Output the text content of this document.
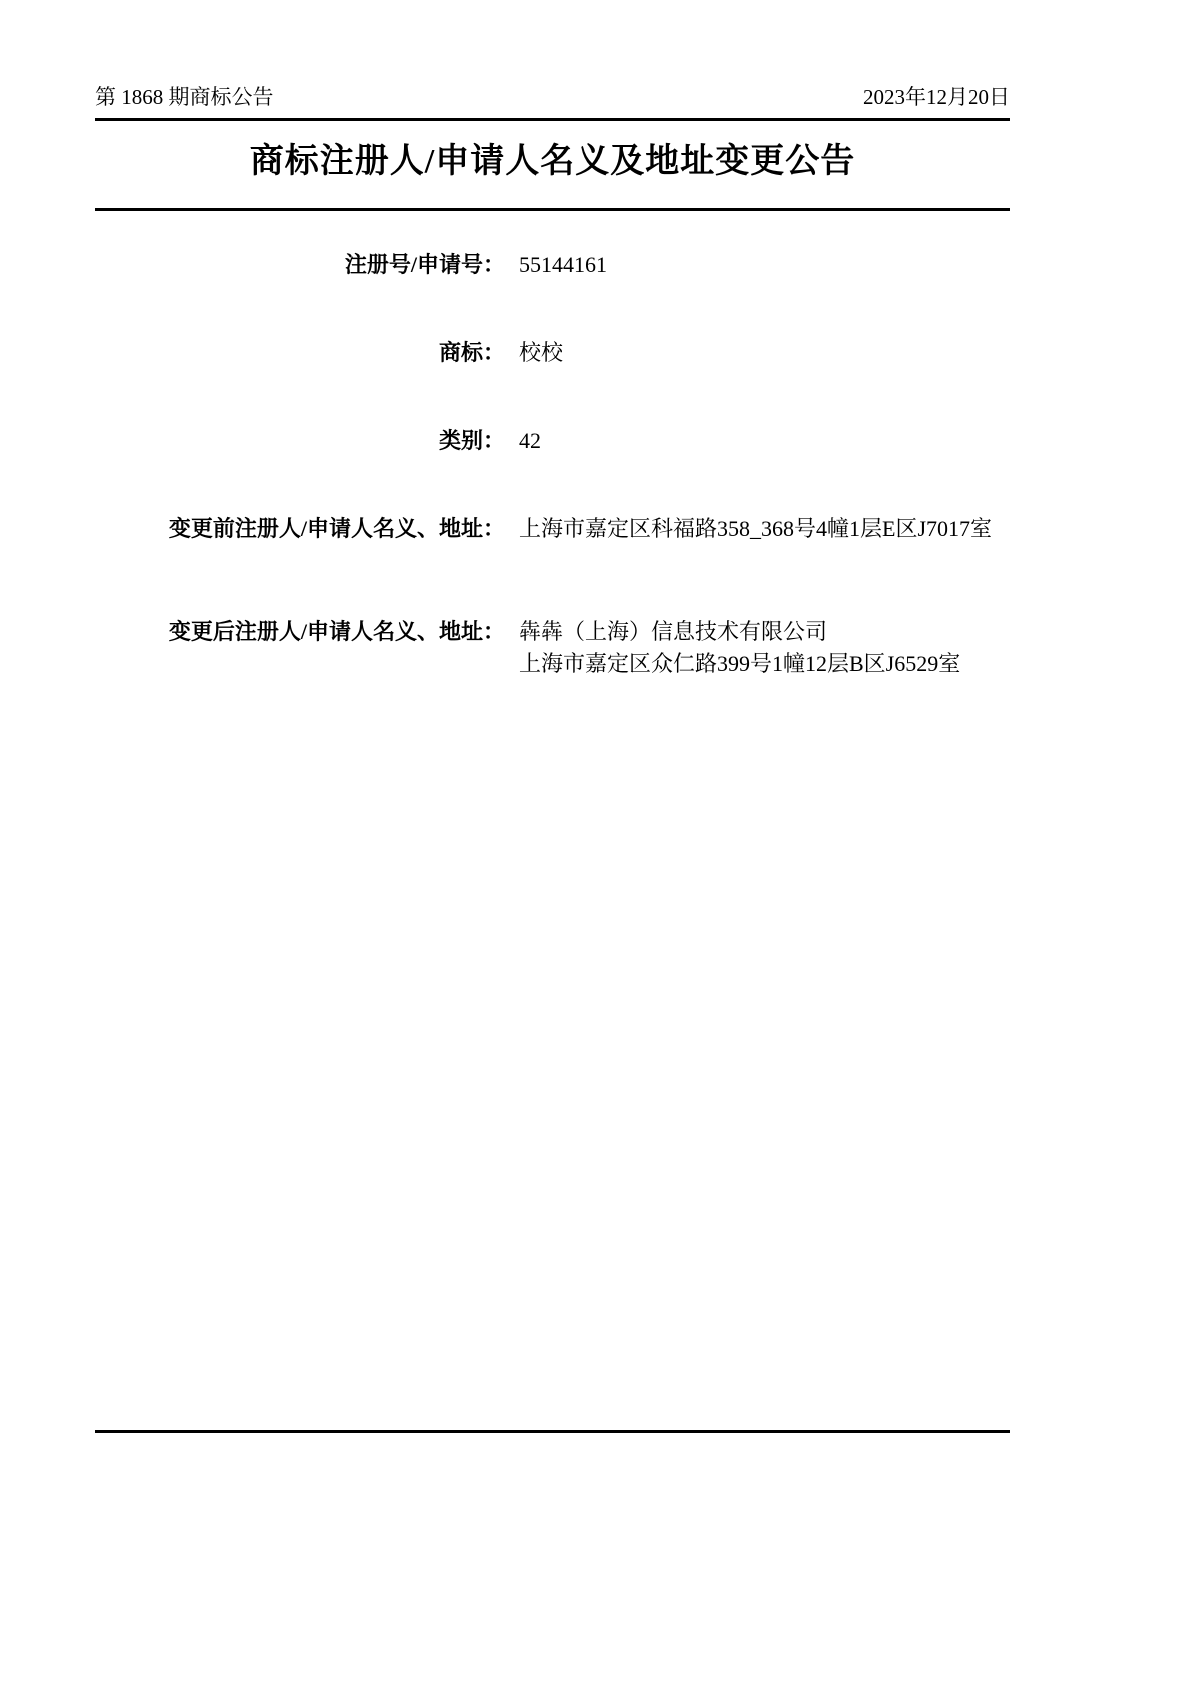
第 1868 期商标公告	2023年12月20日
商标注册人/申请人名义及地址变更公告
注册号/申请号： 55144161
商标： 校校
类别： 42
变更前注册人/申请人名义、地址： 上海市嘉定区科福路358_368号4幢1层E区J7017室
变更后注册人/申请人名义、地址： 犇犇（上海）信息技术有限公司
上海市嘉定区众仁路399号1幢12层B区J6529室
